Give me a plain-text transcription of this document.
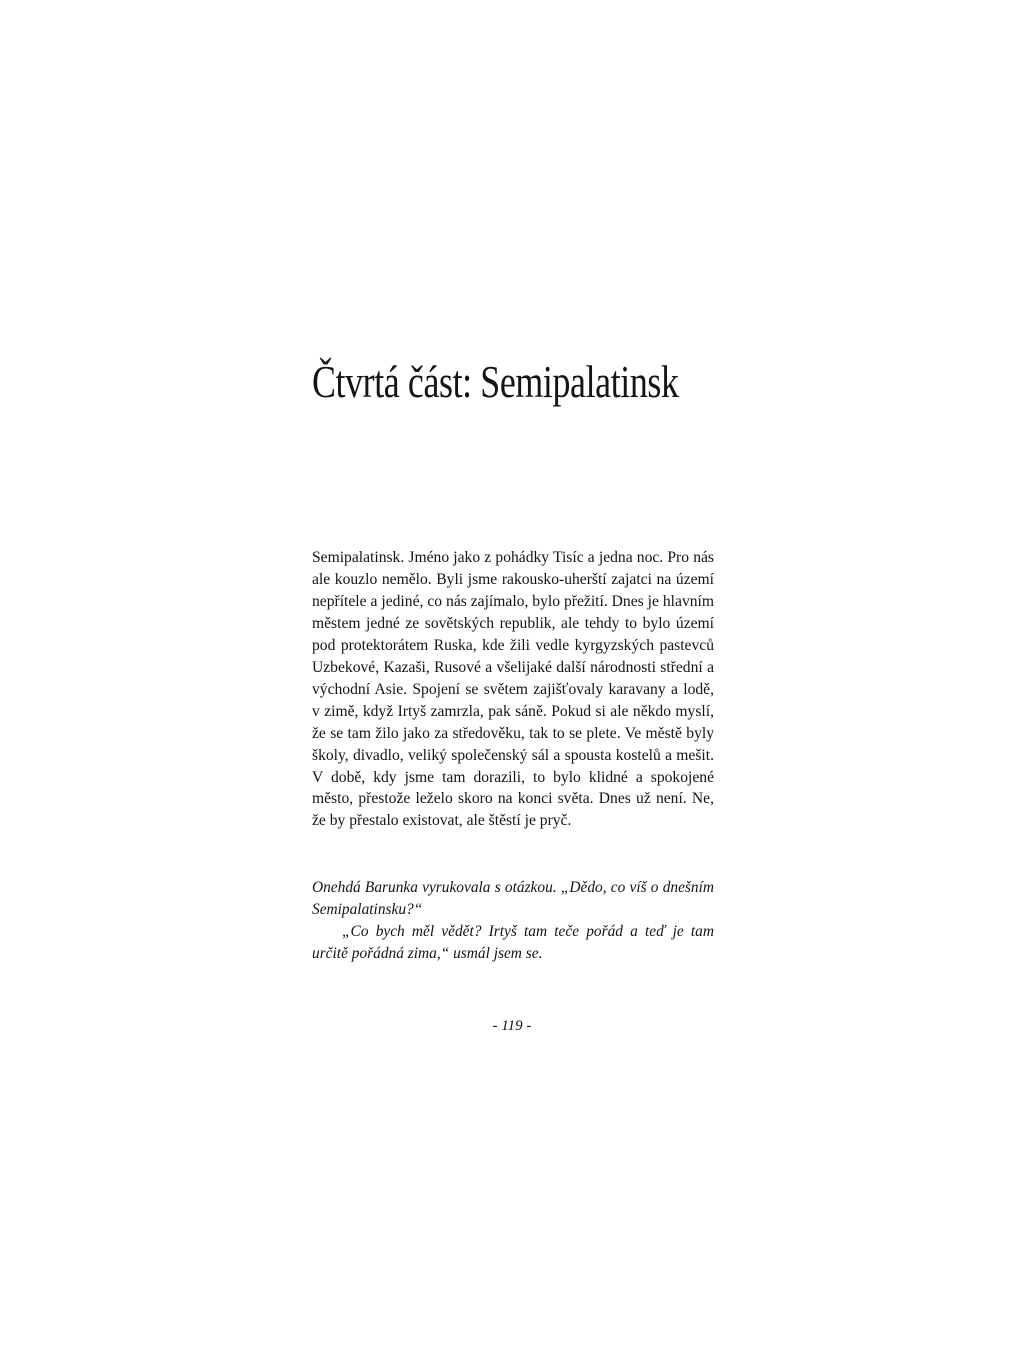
Čtvrtá část: Semipalatinsk

Semipalatinsk. Jméno jako z pohádky Tisíc a jedna noc. Pro nás ale kouzlo nemělo. Byli jsme rakousko-uherští zajatci na území nepřítele a jediné, co nás zajímalo, bylo přežití. Dnes je hlavním městem jedné ze sovětských republik, ale tehdy to bylo území pod protektorátem Ruska, kde žili vedle kyrgyzských pastevců Uzbekové, Kazaši, Rusové a všelijaké další národnosti střední a východní Asie. Spojení se světem zajišťovaly karavany a lodě, v zimě, když Irtyš zamrzla, pak sáně. Pokud si ale někdo myslí, že se tam žilo jako za středověku, tak to se plete. Ve městě byly školy, divadlo, veliký společenský sál a spousta kostelů a mešit. V době, kdy jsme tam dorazili, to bylo klidné a spokojené město, přestože leželo skoro na konci světa. Dnes už není. Ne, že by přestalo existovat, ale štěstí je pryč.

Onehdá Barunka vyrukovala s otázkou. „Dědo, co víš o dnešním Semipalatinsku?“

„Co bych měl vědět? Irtyš tam teče pořád a teď je tam určitě pořádná zima,“ usmál jsem se.

- 119 -
